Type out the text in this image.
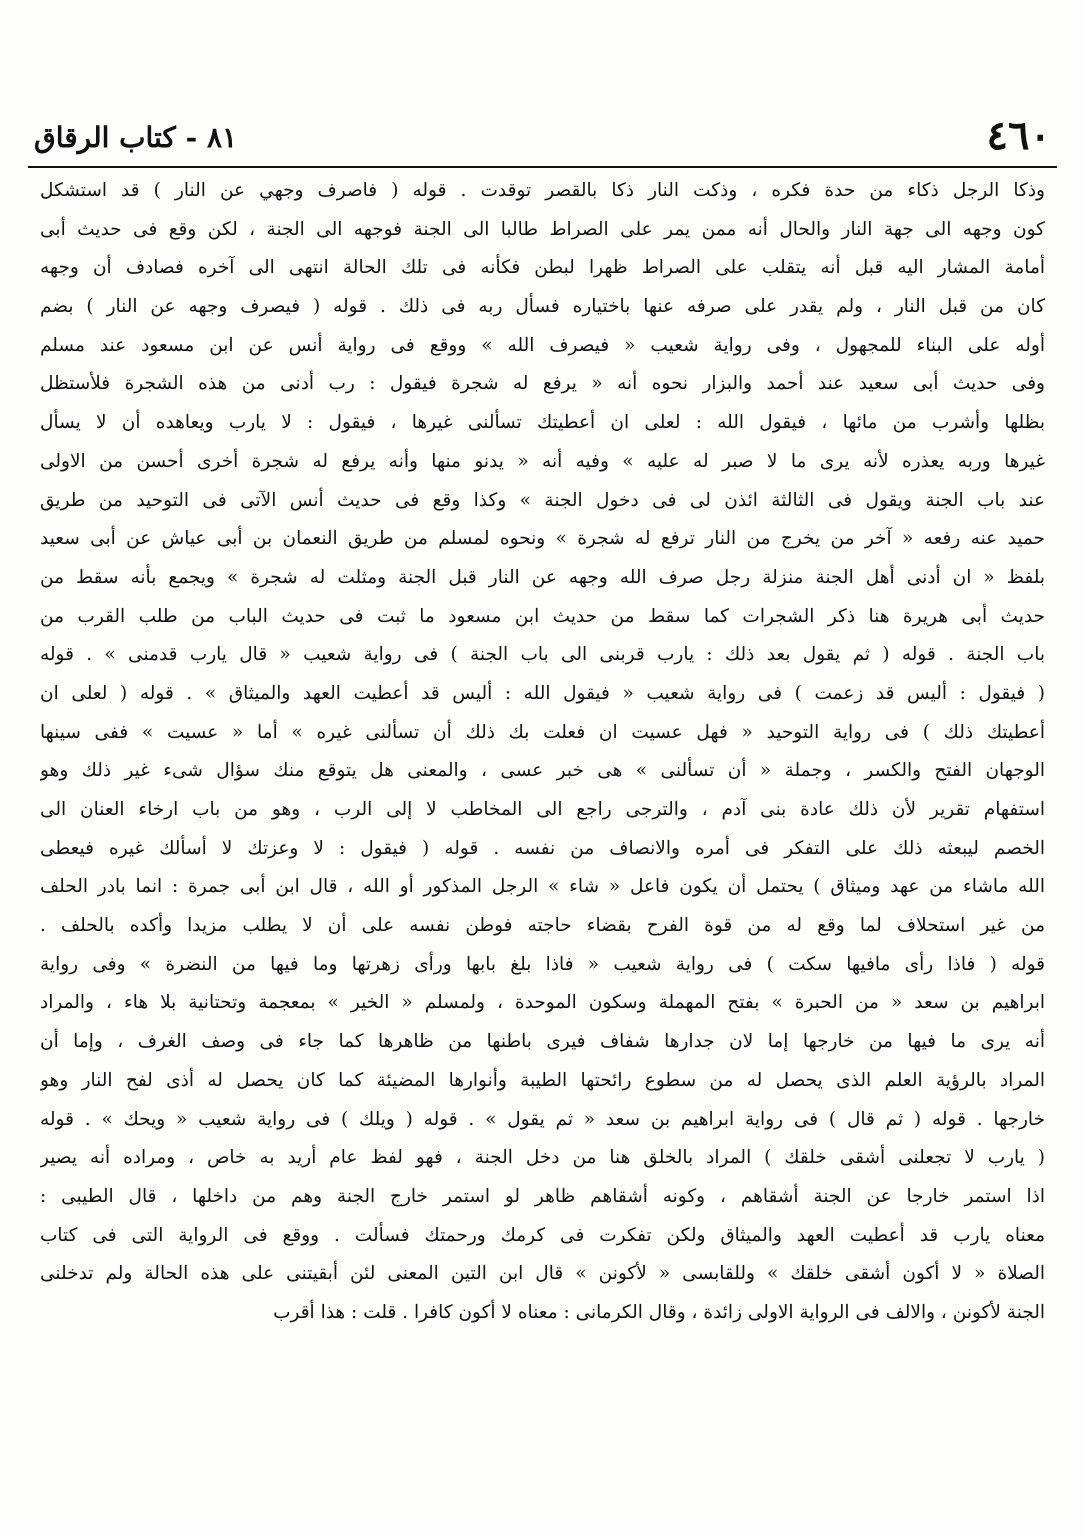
٤٦٠
٨١ - كتاب الرقاق
وذكا الرجل ذكاء من حدة فكره ، وذكت النار ذكا بالقصر توقدت . قوله ( فاصرف وجهي عن النار ) قد استشكل
كون وجهه الى جهة النار والحال أنه ممن يمر على الصراط طالبا الى الجنة فوجهه الى الجنة ، لكن وقع فى حديث أبى
أمامة المشار اليه قبل أنه يتقلب على الصراط ظهرا لبطن فكأنه فى تلك الحالة انتهى الى آخره فصادف أن وجهه
كان من قبل النار ، ولم يقدر على صرفه عنها باختياره فسأل ربه فى ذلك . قوله ( فيصرف وجهه عن النار ) بضم
أوله على البناء للمجهول ، وفى رواية شعيب « فيصرف الله » ووقع فى رواية أنس عن ابن مسعود عند مسلم
وفى حديث أبى سعيد عند أحمد والبزار نحوه أنه « يرفع له شجرة فيقول : رب أدنى من هذه الشجرة فلأستظل
بظلها وأشرب من مائها ، فيقول الله : لعلى ان أعطيتك تسألنى غيرها ، فيقول : لا يارب ويعاهده أن لا يسأل
غيرها وربه يعذره لأنه يرى ما لا صبر له عليه » وفيه أنه « يدنو منها وأنه يرفع له شجرة أخرى أحسن من الاولى
عند باب الجنة ويقول فى الثالثة ائذن لى فى دخول الجنة » وكذا وقع فى حديث أنس الآتى فى التوحيد من طريق
حميد عنه رفعه « آخر من يخرج من النار ترفع له شجرة » ونحوه لمسلم من طريق النعمان بن أبى عياش عن أبى سعيد
بلفظ « ان أدنى أهل الجنة منزلة رجل صرف الله وجهه عن النار قبل الجنة ومثلت له شجرة » ويجمع بأنه سقط من
حديث أبى هريرة هنا ذكر الشجرات كما سقط من حديث ابن مسعود ما ثبت فى حديث الباب من طلب القرب من
باب الجنة . قوله ( ثم يقول بعد ذلك : يارب قربنى الى باب الجنة ) فى رواية شعيب « قال يارب قدمنى » . قوله
( فيقول : أليس قد زعمت ) فى رواية شعيب « فيقول الله : أليس قد أعطيت العهد والميثاق » . قوله ( لعلى ان
أعطيتك ذلك ) فى رواية التوحيد « فهل عسيت ان فعلت بك ذلك أن تسألنى غيره » أما « عسيت » ففى سينها
الوجهان الفتح والكسر ، وجملة « أن تسألنى » هى خبر عسى ، والمعنى هل يتوقع منك سؤال شىء غير ذلك وهو
استفهام تقرير لأن ذلك عادة بنى آدم ، والترجى راجع الى المخاطب لا إلى الرب ، وهو من باب ارخاء العنان الى
الخصم ليبعثه ذلك على التفكر فى أمره والانصاف من نفسه . قوله ( فيقول : لا وعزتك لا أسألك غيره فيعطى
الله ماشاء من عهد وميثاق ) يحتمل أن يكون فاعل « شاء » الرجل المذكور أو الله ، قال ابن أبى جمرة : انما بادر الحلف
من غير استحلاف لما وقع له من قوة الفرح بقضاء حاجته فوطن نفسه على أن لا يطلب مزيدا وأكده بالحلف .
قوله ( فاذا رأى مافيها سكت ) فى رواية شعيب « فاذا بلغ بابها ورأى زهرتها وما فيها من النضرة » وفى رواية
ابراهيم بن سعد « من الحبرة » بفتح المهملة وسكون الموحدة ، ولمسلم « الخير » بمعجمة وتحتانية بلا هاء ، والمراد
أنه يرى ما فيها من خارجها إما لان جدارها شفاف فيرى باطنها من ظاهرها كما جاء فى وصف الغرف ، وإما أن
المراد بالرؤية العلم الذى يحصل له من سطوع رائحتها الطيبة وأنوارها المضيئة كما كان يحصل له أذى لفح النار وهو
خارجها . قوله ( ثم قال ) فى رواية ابراهيم بن سعد « ثم يقول » . قوله ( ويلك ) فى رواية شعيب « ويحك » . قوله
( يارب لا تجعلنى أشقى خلقك ) المراد بالخلق هنا من دخل الجنة ، فهو لفظ عام أريد به خاص ، ومراده أنه يصير
اذا استمر خارجا عن الجنة أشقاهم ، وكونه أشقاهم ظاهر لو استمر خارج الجنة وهم من داخلها ، قال الطيبى :
معناه يارب قد أعطيت العهد والميثاق ولكن تفكرت فى كرمك ورحمتك فسألت . ووقع فى الرواية التى فى كتاب
الصلاة « لا أكون أشقى خلقك » وللقابسى « لأكونن » قال ابن التين المعنى لئن أبقيتنى على هذه الحالة ولم تدخلنى
الجنة لأكونن ، والالف فى الرواية الاولى زائدة ، وقال الكرمانى : معناه لا أكون كافرا . قلت : هذا أقرب
